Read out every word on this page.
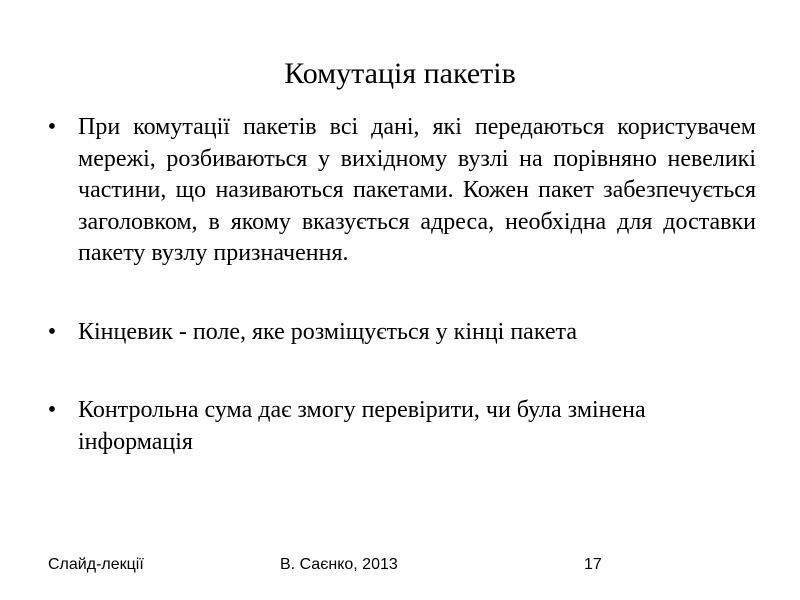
Комутація пакетів
• При комутації пакетів всі дані, які передаються користувачем мережі, розбиваються у вихідному вузлі на порівняно невеликі частини, що називаються пакетами. Кожен пакет забезпечується заголовком, в якому вказується адреса, необхідна для доставки пакету вузлу призначення.
• Кінцевик - поле, яке розміщується у кінці пакета
• Контрольна сума дає змогу перевірити, чи була змінена інформація
Слайд-лекції	В. Саєнко, 2013	17
